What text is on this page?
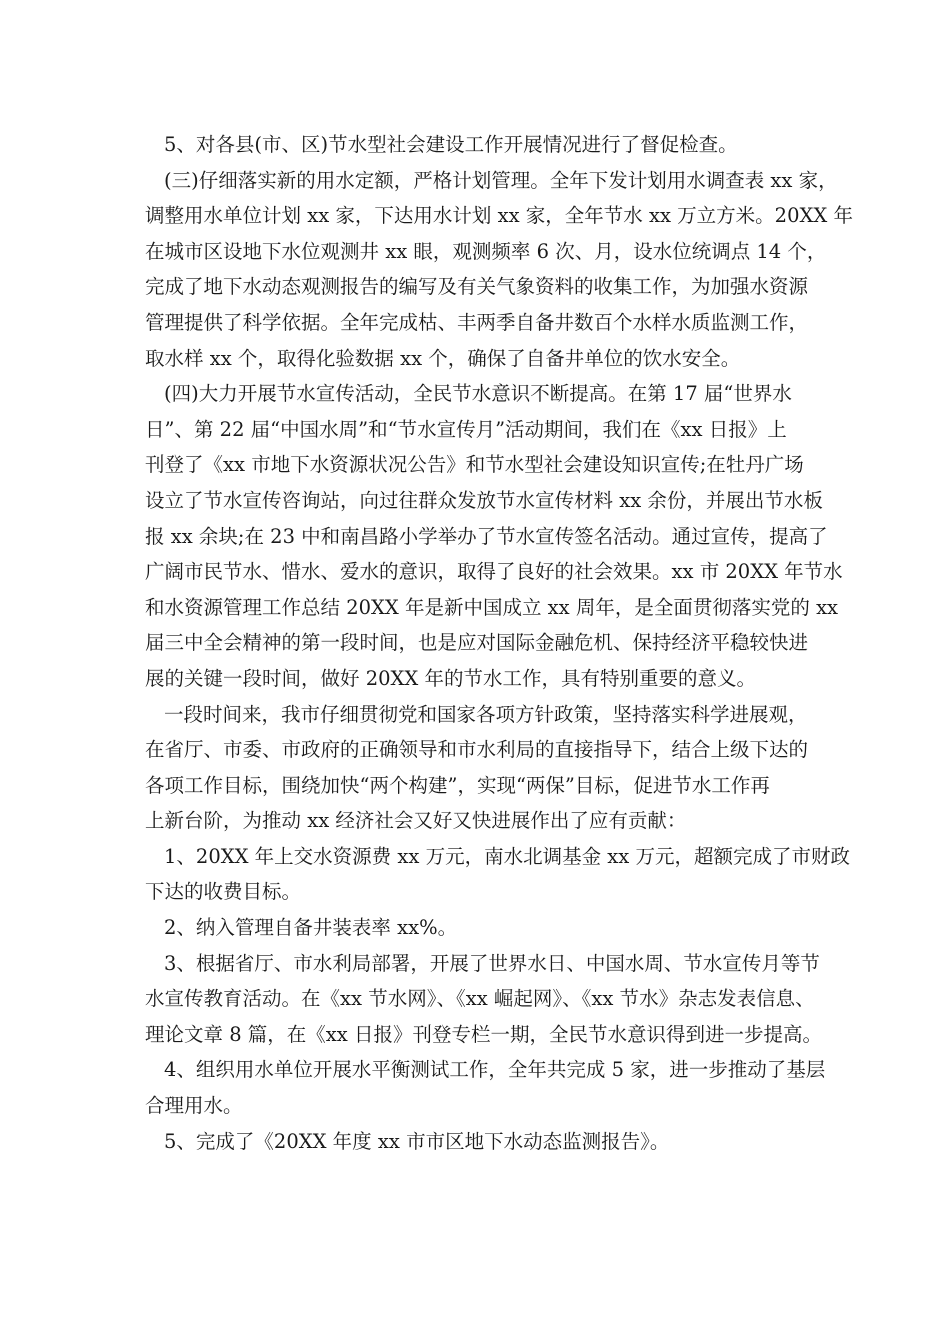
5、对各县(市、区)节水型社会建设工作开展情况进行了督促检查。
(三)仔细落实新的用水定额，严格计划管理。全年下发计划用水调查表 xx 家，
调整用水单位计划 xx 家，下达用水计划 xx 家，全年节水 xx 万立方米。20XX 年
在城市区设地下水位观测井 xx 眼，观测频率 6 次、月，设水位统调点 14 个，
完成了地下水动态观测报告的编写及有关气象资料的收集工作，为加强水资源
管理提供了科学依据。全年完成枯、丰两季自备井数百个水样水质监测工作，
取水样 xx 个，取得化验数据 xx 个，确保了自备井单位的饮水安全。
(四)大力开展节水宣传活动，全民节水意识不断提高。在第 17 届“世界水
日”、第 22 届“中国水周”和“节水宣传月”活动期间，我们在《xx 日报》上
刊登了《xx 市地下水资源状况公告》和节水型社会建设知识宣传;在牡丹广场
设立了节水宣传咨询站，向过往群众发放节水宣传材料 xx 余份，并展出节水板
报 xx 余块;在 23 中和南昌路小学举办了节水宣传签名活动。通过宣传，提高了
广阔市民节水、惜水、爱水的意识，取得了良好的社会效果。xx 市 20XX 年节水
和水资源管理工作总结 20XX 年是新中国成立 xx 周年，是全面贯彻落实党的 xx
届三中全会精神的第一段时间，也是应对国际金融危机、保持经济平稳较快进
展的关键一段时间，做好 20XX 年的节水工作，具有特别重要的意义。
一段时间来，我市仔细贯彻党和国家各项方针政策，坚持落实科学进展观，
在省厅、市委、市政府的正确领导和市水利局的直接指导下，结合上级下达的
各项工作目标，围绕加快“两个构建”，实现“两保”目标，促进节水工作再
上新台阶，为推动 xx 经济社会又好又快进展作出了应有贡献：
1、20XX 年上交水资源费 xx 万元，南水北调基金 xx 万元，超额完成了市财政
下达的收费目标。
2、纳入管理自备井装表率 xx%。
3、根据省厅、市水利局部署，开展了世界水日、中国水周、节水宣传月等节
水宣传教育活动。在《xx 节水网》、《xx 崛起网》、《xx 节水》杂志发表信息、
理论文章 8 篇，在《xx 日报》刊登专栏一期，全民节水意识得到进一步提高。
4、组织用水单位开展水平衡测试工作，全年共完成 5 家，进一步推动了基层
合理用水。
5、完成了《20XX 年度 xx 市市区地下水动态监测报告》。
